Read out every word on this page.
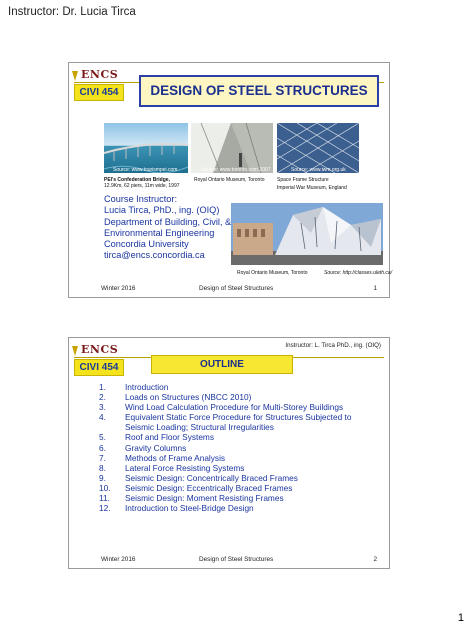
Instructor: Dr. Lucia Tirca
ENCS
CIVI 454	DESIGN OF STEEL STRUCTURES
Source: www.tourismpei.com	Source: www.toronto.com 2007	Source: www.iwm.org.uk
PEI's Confederation Bridge,
12.9Km, 62 piers, 11m wide, 1997
Royal Ontario Museum, Toronto	Space Frame Structure
Imperial War Museum, England
Course Instructor:
Lucia Tirca, PhD., ing. (OIQ)
Department of Building, Civil, &
Environmental Engineering
Concordia University
tirca@encs.concordia.ca
Royal Ontario Museum, Toronto	Source: http://classes.uleth.ca/
Winter 2016	Design of Steel Structures	1
ENCS
CIVI 454
Instructor: L. Tirca PhD., ing. (OIQ)
OUTLINE
1. Introduction
2. Loads on Structures (NBCC 2010)
3. Wind Load Calculation Procedure for Multi-Storey Buildings
4. Equivalent Static Force Procedure for Structures Subjected to
Seismic Loading; Structural Irregularities
5. Roof and Floor Systems
6. Gravity Columns
7. Methods of Frame Analysis
8. Lateral Force Resisting Systems
9. Seismic Design: Concentrically Braced Frames
10. Seismic Design: Eccentrically Braced Frames
11. Seismic Design: Moment Resisting Frames
12. Introduction to Steel-Bridge Design
Winter 2016	Design of Steel Structures	2
1
